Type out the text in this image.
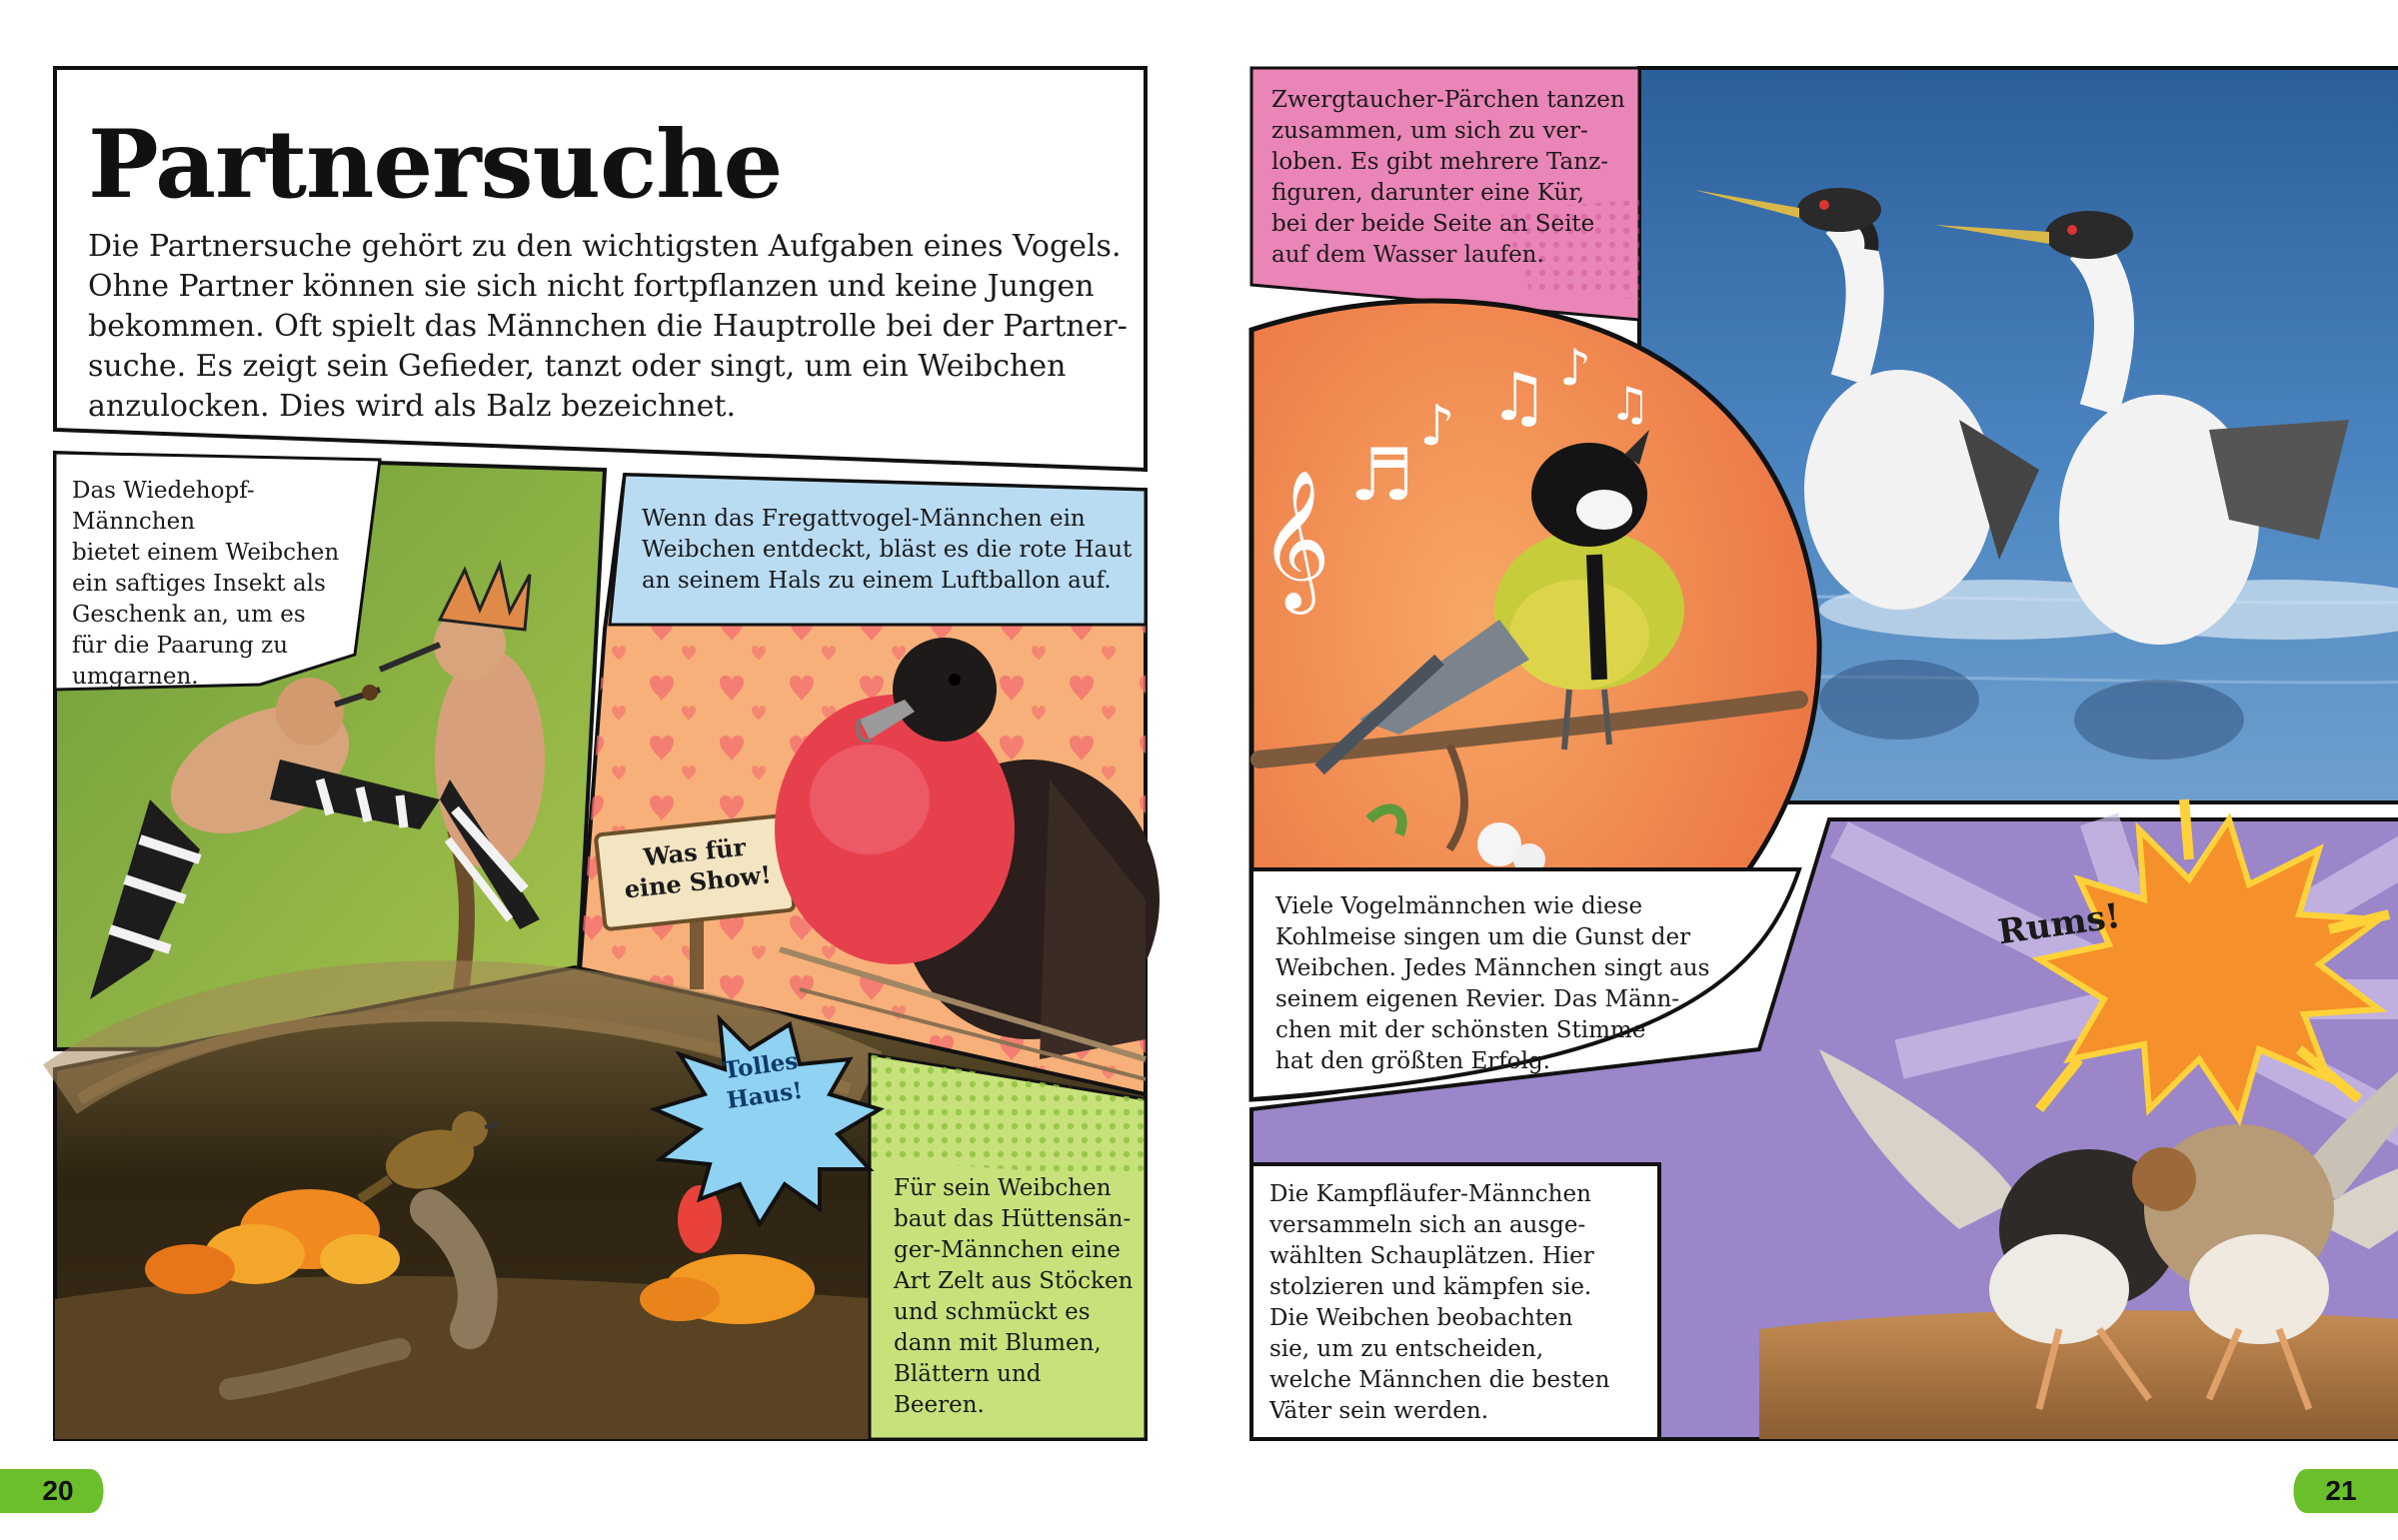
Partnersuche
Die Partnersuche gehört zu den wichtigsten Aufgaben eines Vogels.
Ohne Partner können sie sich nicht fortpflanzen und keine Jungen
bekommen. Oft spielt das Männchen die Hauptrolle bei der Partner-
suche. Es zeigt sein Gefieder, tanzt oder singt, um ein Weibchen
anzulocken. Dies wird als Balz bezeichnet.
Das Wiedehopf-Männchen
bietet einem Weibchen
ein saftiges Insekt als
Geschenk an, um es
für die Paarung zu
umgarnen.
Wenn das Fregattvogel-Männchen ein
Weibchen entdeckt, bläst es die rote Haut
an seinem Hals zu einem Luftballon auf.
Was für
eine Show!
Tolles
Haus!
Für sein Weibchen
baut das Hüttensän-
ger-Männchen eine
Art Zelt aus Stöcken
und schmückt es
dann mit Blumen,
Blättern und
Beeren.
20
𝄞 ♬
♪ ♫ ♪
♫
Zwergtaucher-Pärchen tanzen
zusammen, um sich zu ver-
loben. Es gibt mehrere Tanz-
figuren, darunter eine Kür,
bei der beide Seite an Seite
auf dem Wasser laufen.
Viele Vogelmännchen wie diese
Kohlmeise singen um die Gunst der
Weibchen. Jedes Männchen singt aus
seinem eigenen Revier. Das Männ-
chen mit der schönsten Stimme
hat den größten Erfolg.
Rums!
Die Kampfläufer-Männchen
versammeln sich an ausge-
wählten Schauplätzen. Hier
stolzieren und kämpfen sie.
Die Weibchen beobachten
sie, um zu entscheiden,
welche Männchen die besten
Väter sein werden.
21
